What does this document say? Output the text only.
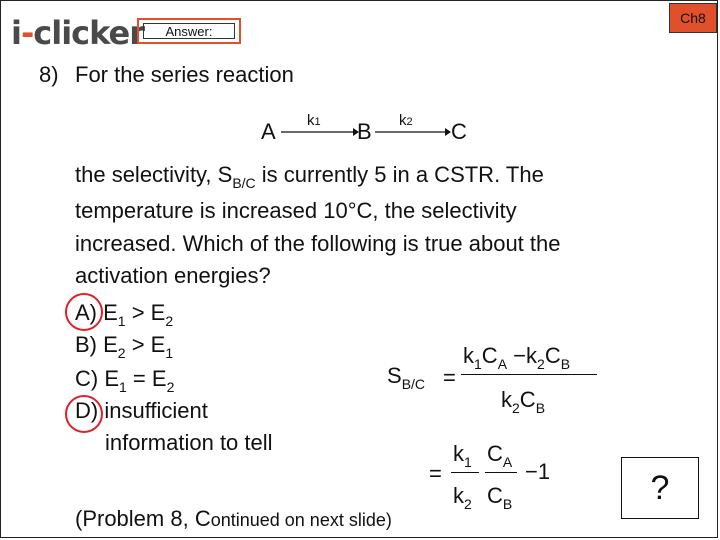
i-clicker	Answer:
Ch8
8) For the series reaction
A k1 B k2 C
the selectivity, $S_{B/C}$ is currently 5 in a CSTR. The
temperature is increased 10°C, the selectivity
increased. Which of the following is true about the
activation energies?
A) $E_1 > E_2$
B) $E_2 > E_1$
C) $E_1 = E_2$
D) insufficient
information to tell
$S_{B/C}$ =
$k_1C_A -k_2C_B$
$k_2C_B$
=
$k_1$
$k_2$
$C_A$
$C_B$
−1
(Problem 8, Continued on next slide)
?
